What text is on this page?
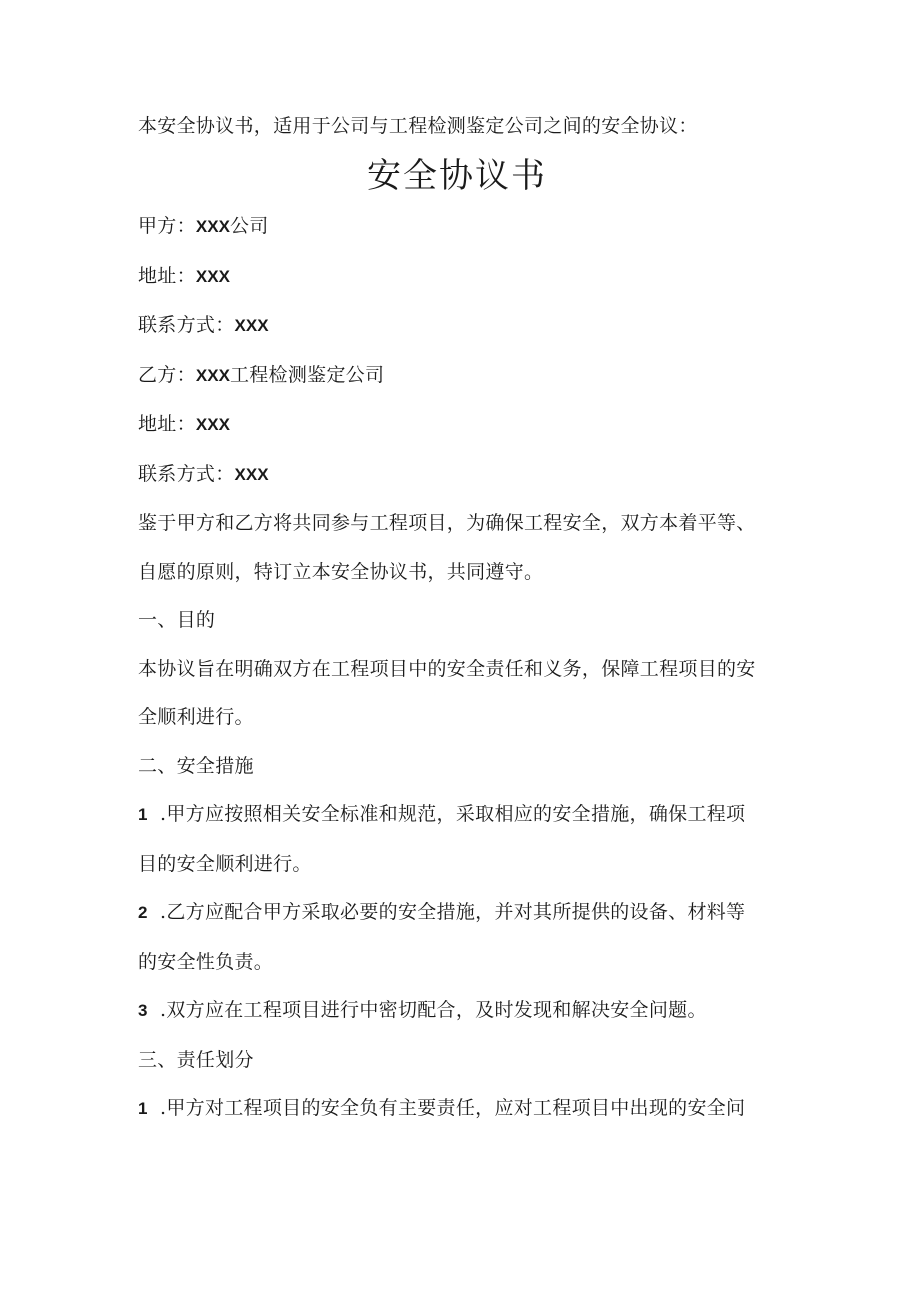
本安全协议书，适用于公司与工程检测鉴定公司之间的安全协议：

安全协议书

甲方：XXX公司

地址：XXX

联系方式：XXX

乙方：XXX工程检测鉴定公司

地址：XXX

联系方式：XXX

鉴于甲方和乙方将共同参与工程项目，为确保工程安全，双方本着平等、

自愿的原则，特订立本安全协议书，共同遵守。

一、目的

本协议旨在明确双方在工程项目中的安全责任和义务，保障工程项目的安

全顺利进行。

二、安全措施

1 .甲方应按照相关安全标准和规范，采取相应的安全措施，确保工程项

目的安全顺利进行。

2 .乙方应配合甲方采取必要的安全措施，并对其所提供的设备、材料等

的安全性负责。

3 .双方应在工程项目进行中密切配合，及时发现和解决安全问题。

三、责任划分

1 .甲方对工程项目的安全负有主要责任，应对工程项目中出现的安全问
